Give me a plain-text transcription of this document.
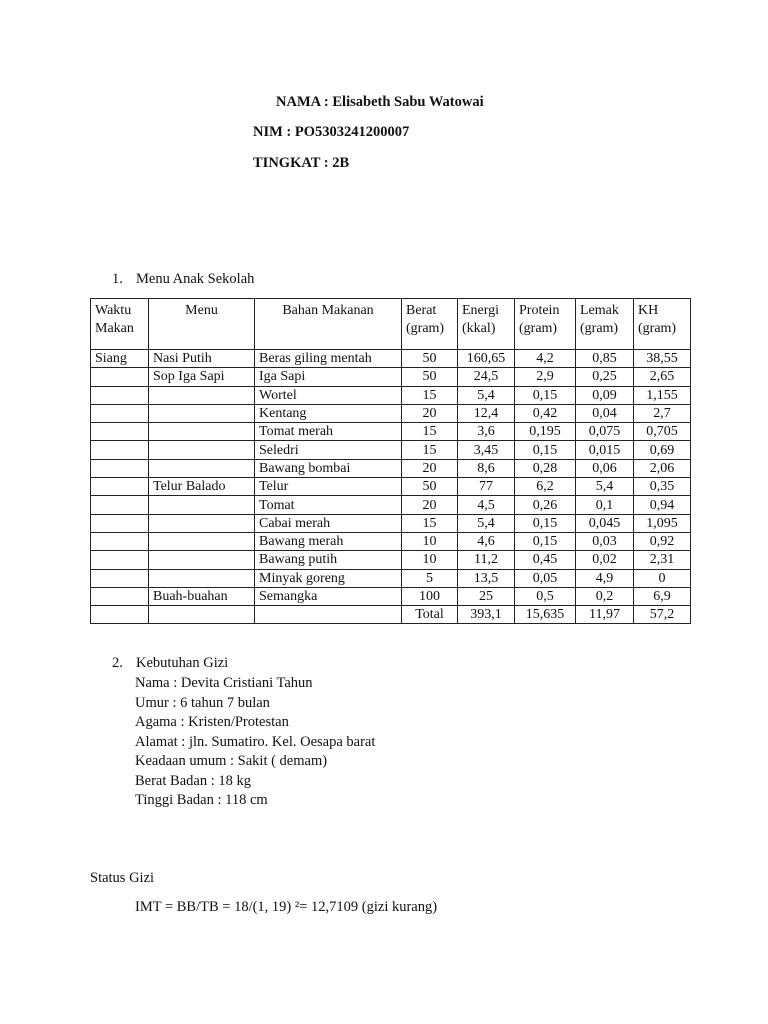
NAMA : Elisabeth Sabu Watowai
NIM : PO5303241200007
TINGKAT : 2B
1. Menu Anak Sekolah
Waktu Makan	Menu	Bahan Makanan	Berat (gram)	Energi (kkal)	Protein (gram)	Lemak (gram)	KH (gram)
Siang	Nasi Putih	Beras giling mentah	50	160,65	4,2	0,85	38,55
	Sop Iga Sapi	Iga Sapi	50	24,5	2,9	0,25	2,65
		Wortel	15	5,4	0,15	0,09	1,155
		Kentang	20	12,4	0,42	0,04	2,7
		Tomat merah	15	3,6	0,195	0,075	0,705
		Seledri	15	3,45	0,15	0,015	0,69
		Bawang bombai	20	8,6	0,28	0,06	2,06
	Telur Balado	Telur	50	77	6,2	5,4	0,35
		Tomat	20	4,5	0,26	0,1	0,94
		Cabai merah	15	5,4	0,15	0,045	1,095
		Bawang merah	10	4,6	0,15	0,03	0,92
		Bawang putih	10	11,2	0,45	0,02	2,31
		Minyak goreng	5	13,5	0,05	4,9	0
	Buah-buahan	Semangka	100	25	0,5	0,2	6,9
			Total	393,1	15,635	11,97	57,2
2. Kebutuhan Gizi
Nama : Devita Cristiani Tahun
Umur : 6 tahun 7 bulan
Agama : Kristen/Protestan
Alamat : jln. Sumatiro. Kel. Oesapa barat
Keadaan umum : Sakit ( demam)
Berat Badan : 18 kg
Tinggi Badan : 118 cm
Status Gizi
IMT = BB/TB = 18/(1, 19) ²= 12,7109 (gizi kurang)
